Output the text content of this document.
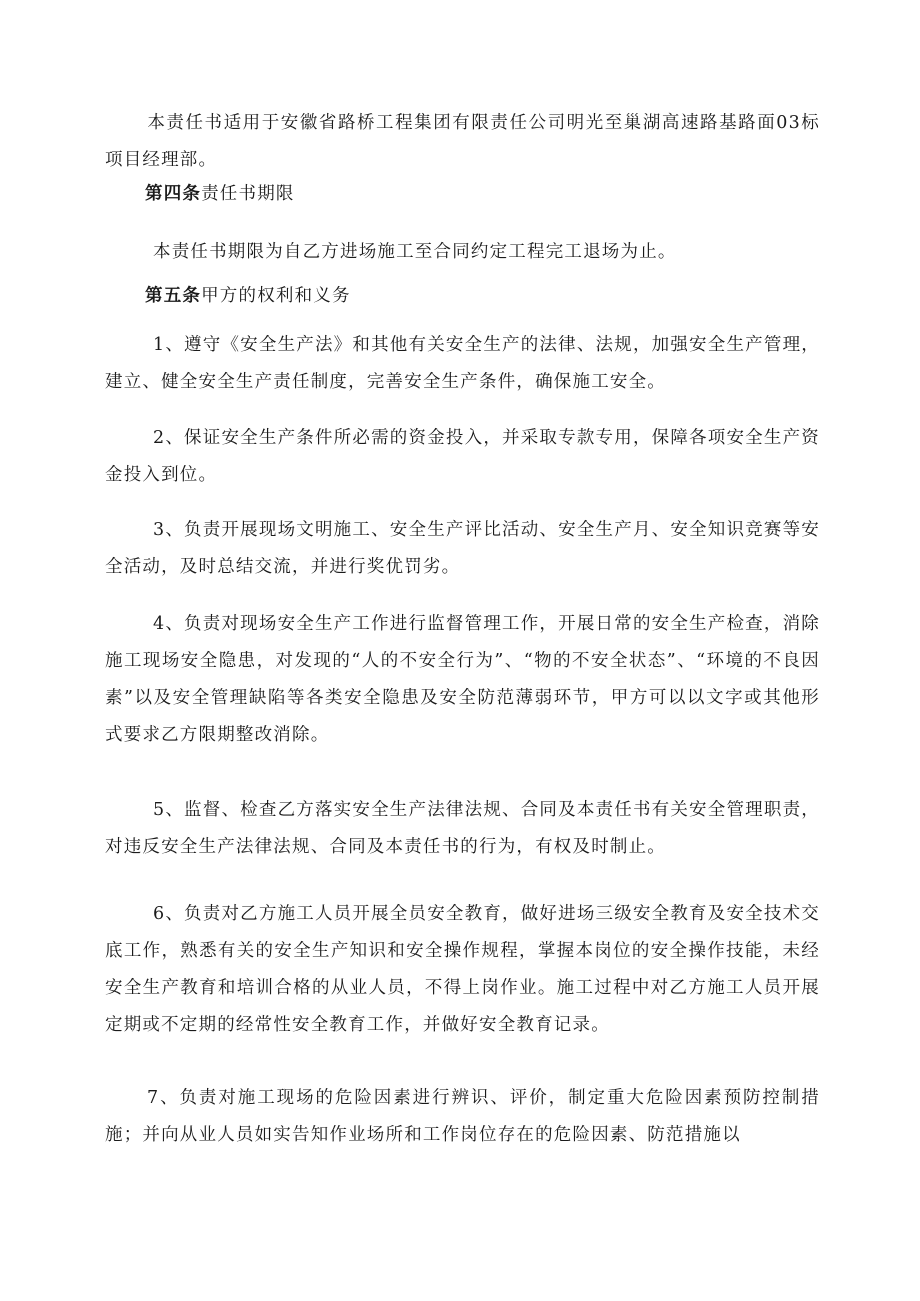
本责任书适用于安徽省路桥工程集团有限责任公司明光至巢湖高速路基路面03标项目经理部。

第四条责任书期限

本责任书期限为自乙方进场施工至合同约定工程完工退场为止。

第五条甲方的权利和义务

1、遵守《安全生产法》和其他有关安全生产的法律、法规，加强安全生产管理，建立、健全安全生产责任制度，完善安全生产条件，确保施工安全。

2、保证安全生产条件所必需的资金投入，并采取专款专用，保障各项安全生产资金投入到位。

3、负责开展现场文明施工、安全生产评比活动、安全生产月、安全知识竞赛等安全活动，及时总结交流，并进行奖优罚劣。

4、负责对现场安全生产工作进行监督管理工作，开展日常的安全生产检查，消除施工现场安全隐患，对发现的“人的不安全行为”、“物的不安全状态”、“环境的不良因素”以及安全管理缺陷等各类安全隐患及安全防范薄弱环节，甲方可以以文字或其他形式要求乙方限期整改消除。

5、监督、检查乙方落实安全生产法律法规、合同及本责任书有关安全管理职责，对违反安全生产法律法规、合同及本责任书的行为，有权及时制止。

6、负责对乙方施工人员开展全员安全教育，做好进场三级安全教育及安全技术交底工作，熟悉有关的安全生产知识和安全操作规程，掌握本岗位的安全操作技能，未经安全生产教育和培训合格的从业人员，不得上岗作业。施工过程中对乙方施工人员开展定期或不定期的经常性安全教育工作，并做好安全教育记录。

7、负责对施工现场的危险因素进行辨识、评价，制定重大危险因素预防控制措施；并向从业人员如实告知作业场所和工作岗位存在的危险因素、防范措施以
